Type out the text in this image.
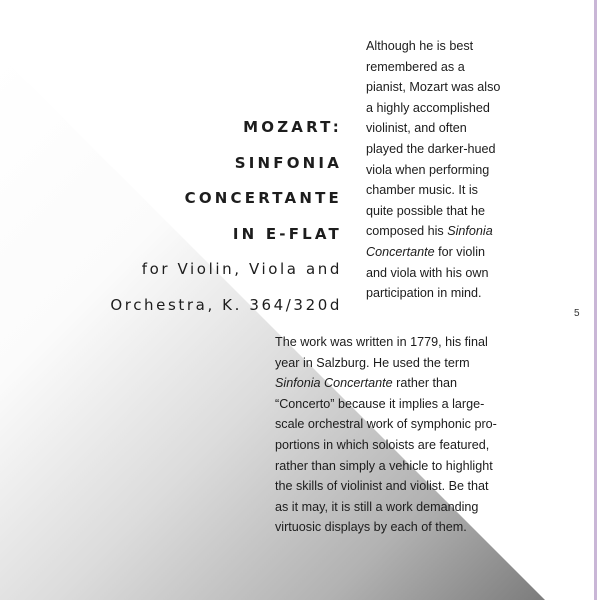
MOZART:
SINFONIA
CONCERTANTE
IN E-FLAT
for Violin, Viola and
Orchestra, K. 364/320d
Although he is best
remembered as a
pianist, Mozart was also
a highly accomplished
violinist, and often
played the darker-hued
viola when performing
chamber music. It is
quite possible that he
composed his Sinfonia
Concertante for violin
and viola with his own
participation in mind.
5
The work was written in 1779, his final
year in Salzburg. He used the term
Sinfonia Concertante rather than
“Concerto” because it implies a large-
scale orchestral work of symphonic pro-
portions in which soloists are featured,
rather than simply a vehicle to highlight
the skills of violinist and violist. Be that
as it may, it is still a work demanding
virtuosic displays by each of them.
